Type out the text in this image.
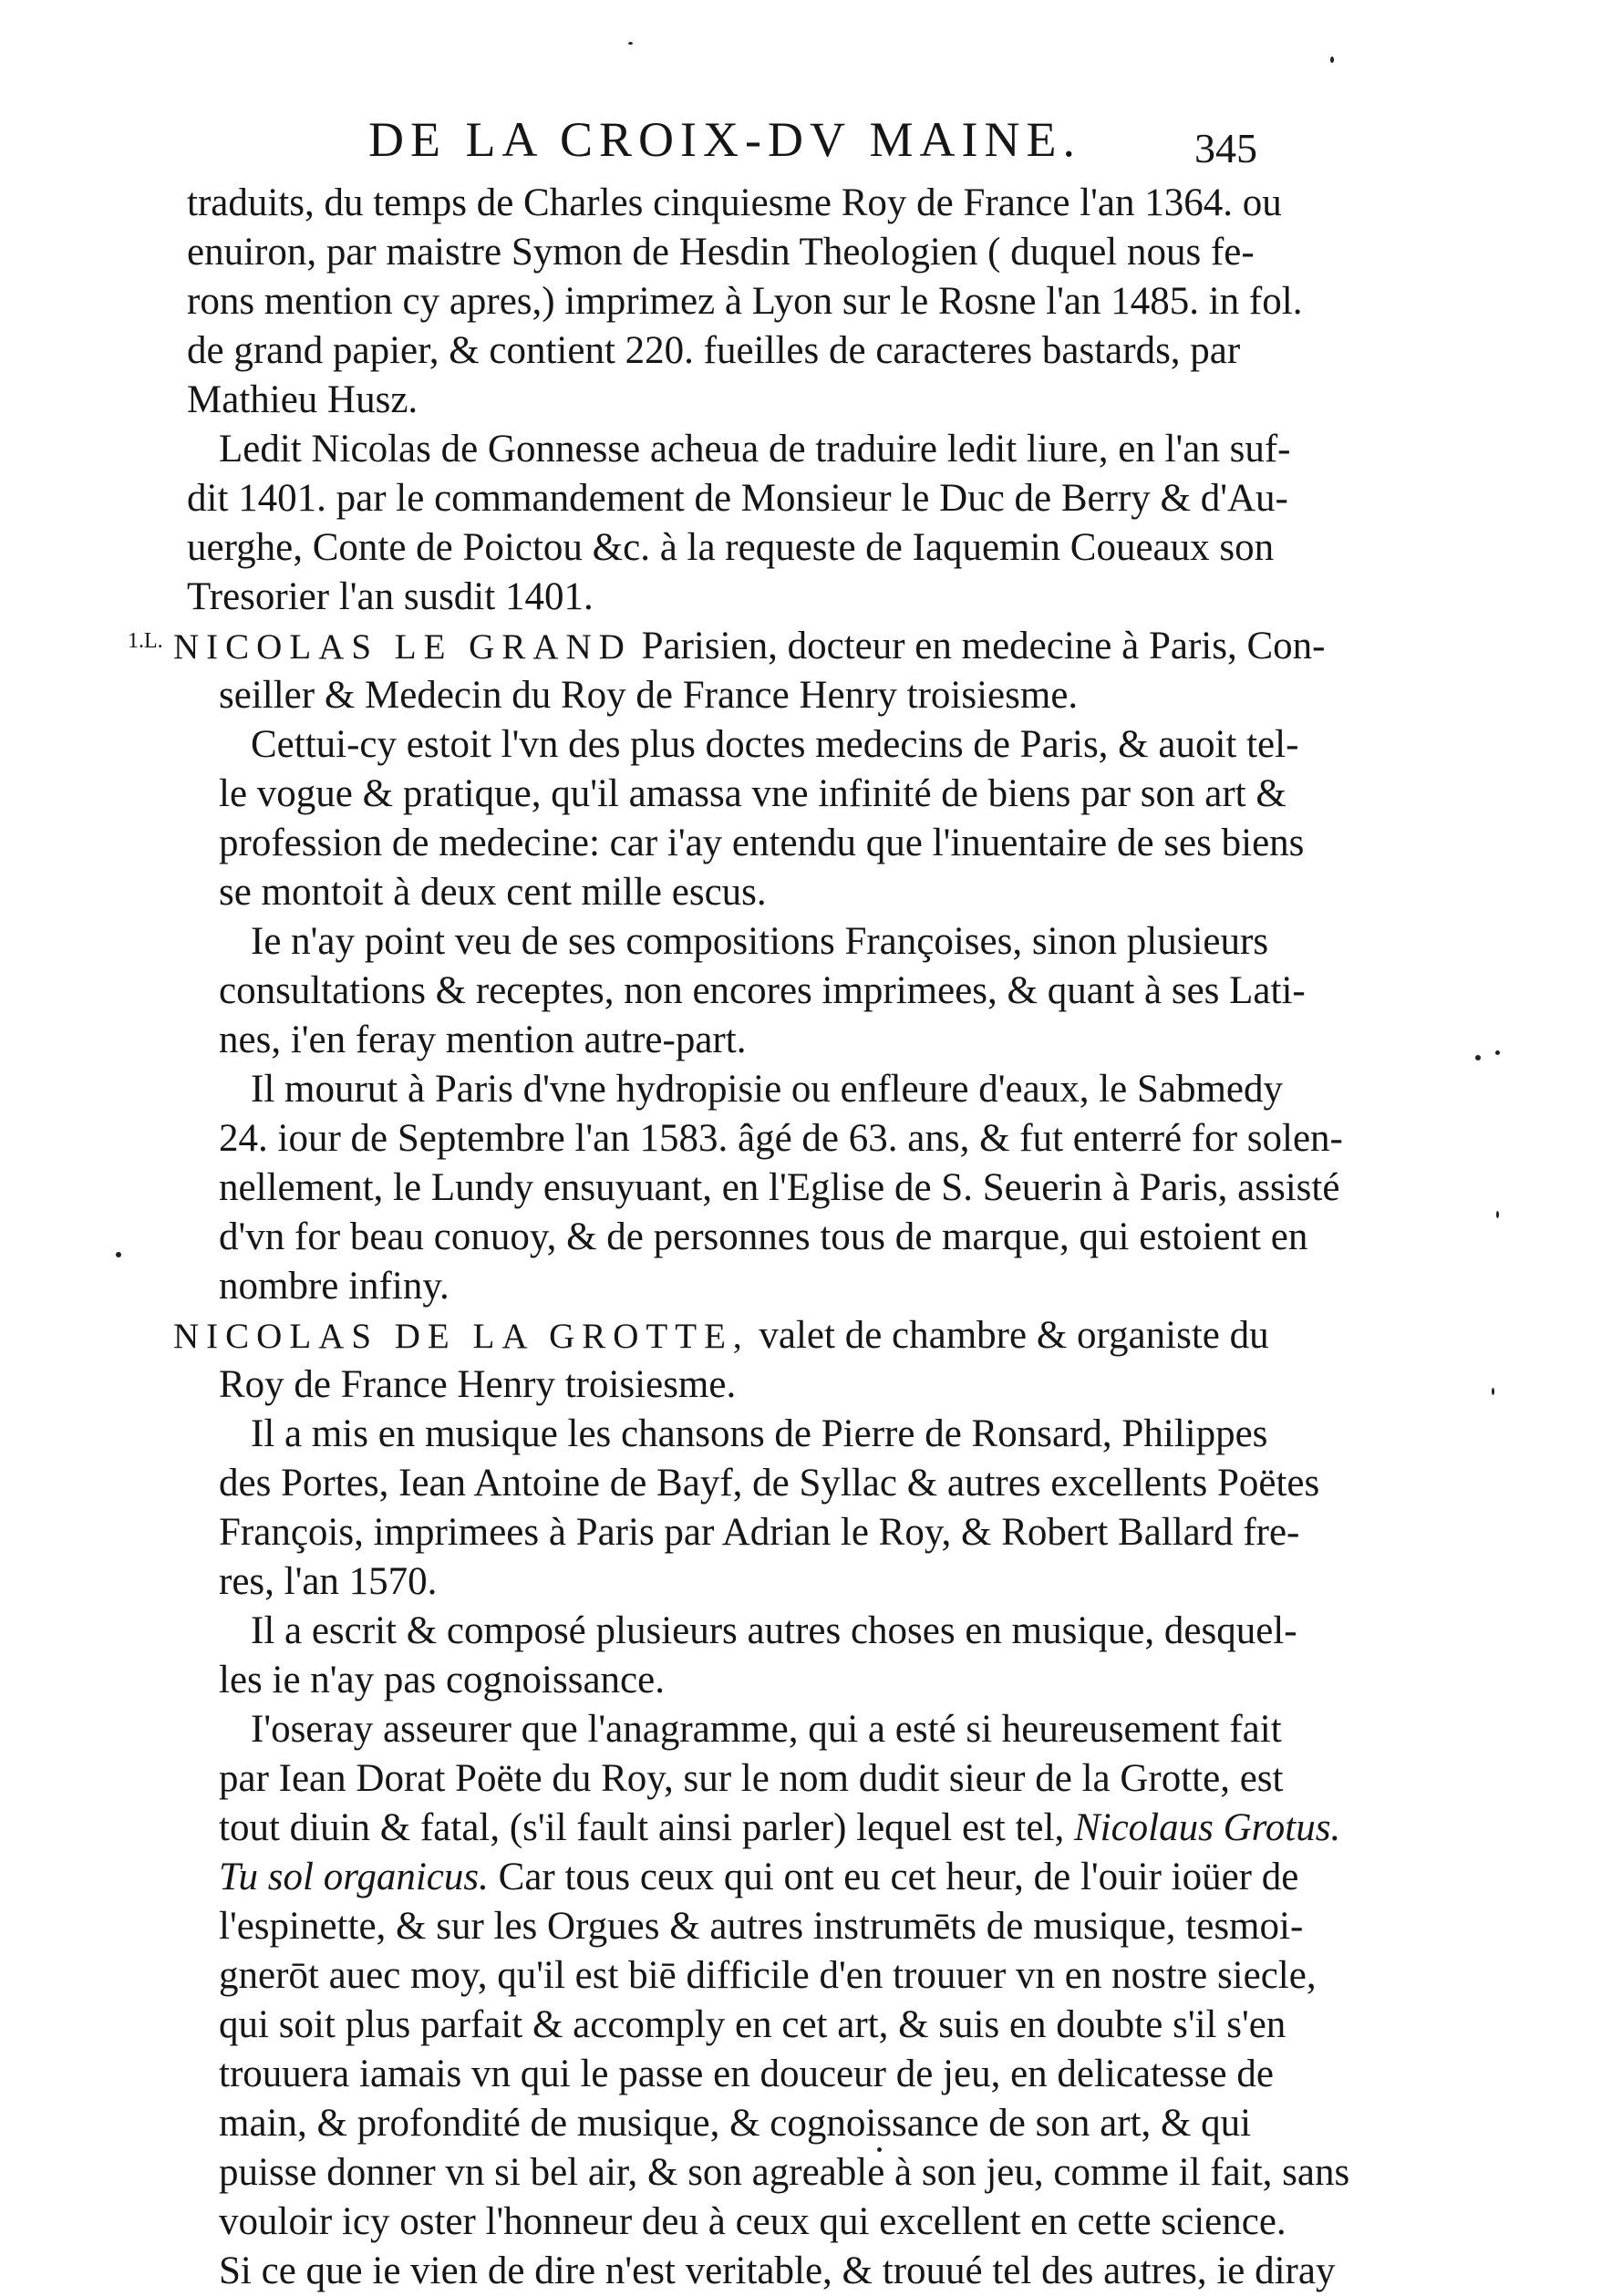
DE LA CROIX-DV MAINE.	345
1.L.
traduits, du temps de Charles cinquiesme Roy de France l'an 1364. ou
enuiron, par maistre Symon de Hesdin Theologien ( duquel nous fe-
rons mention cy apres,) imprimez à Lyon sur le Rosne l'an 1485. in fol.
de grand papier, & contient 220. fueilles de caracteres bastards, par
Mathieu Husz.
Ledit Nicolas de Gonnesse acheua de traduire ledit liure, en l'an suf-
dit 1401. par le commandement de Monsieur le Duc de Berry & d'Au-
uerghe, Conte de Poictou &c. à la requeste de Iaquemin Coueaux son
Tresorier l'an susdit 1401.
NICOLAS LE GRAND Parisien, docteur en medecine à Paris, Con-
seiller & Medecin du Roy de France Henry troisiesme.
Cettui-cy estoit l'vn des plus doctes medecins de Paris, & auoit tel-
le vogue & pratique, qu'il amassa vne infinité de biens par son art &
profession de medecine: car i'ay entendu que l'inuentaire de ses biens
se montoit à deux cent mille escus.
Ie n'ay point veu de ses compositions Françoises, sinon plusieurs
consultations & receptes, non encores imprimees, & quant à ses Lati-
nes, i'en feray mention autre-part.
Il mourut à Paris d'vne hydropisie ou enfleure d'eaux, le Sabmedy
24. iour de Septembre l'an 1583. âgé de 63. ans, & fut enterré for solen-
nellement, le Lundy ensuyuant, en l'Eglise de S. Seuerin à Paris, assisté
d'vn for beau conuoy, & de personnes tous de marque, qui estoient en
nombre infiny.
NICOLAS DE LA GROTTE, valet de chambre & organiste du
Roy de France Henry troisiesme.
Il a mis en musique les chansons de Pierre de Ronsard, Philippes
des Portes, Iean Antoine de Bayf, de Syllac & autres excellents Poëtes
François, imprimees à Paris par Adrian le Roy, & Robert Ballard fre-
res, l'an 1570.
Il a escrit & composé plusieurs autres choses en musique, desquel-
les ie n'ay pas cognoissance.
I'oseray asseurer que l'anagramme, qui a esté si heureusement fait
par Iean Dorat Poëte du Roy, sur le nom dudit sieur de la Grotte, est
tout diuin & fatal, (s'il fault ainsi parler) lequel est tel, Nicolaus Grotus.
Tu sol organicus. Car tous ceux qui ont eu cet heur, de l'ouir ioüer de
l'espinette, & sur les Orgues & autres instrumēts de musique, tesmoi-
gnerōt auec moy, qu'il est biē difficile d'en trouuer vn en nostre siecle,
qui soit plus parfait & accomply en cet art, & suis en doubte s'il s'en
trouuera iamais vn qui le passe en douceur de jeu, en delicatesse de
main, & profondité de musique, & cognoissance de son art, & qui
puisse donner vn si bel air, & son agreable à son jeu, comme il fait, sans
vouloir icy oster l'honneur deu à ceux qui excellent en cette science.
Si ce que ie vien de dire n'est veritable, & trouué tel des autres, ie diray
